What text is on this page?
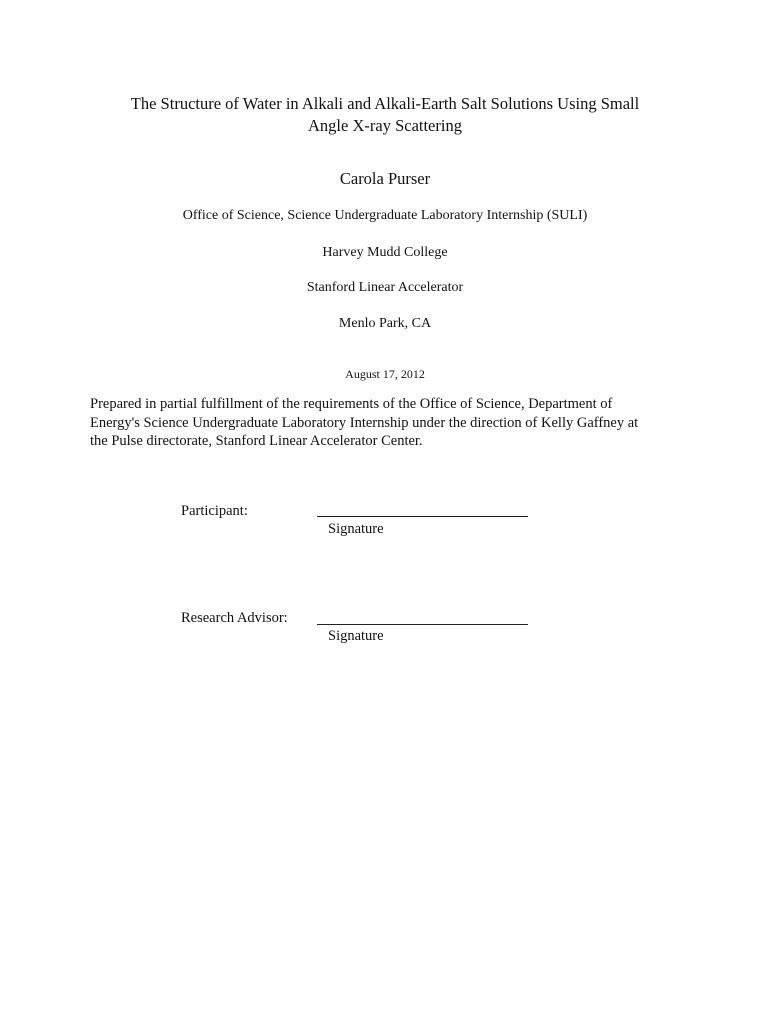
The Structure of Water in Alkali and Alkali-Earth Salt Solutions Using Small
Angle X-ray Scattering
Carola Purser
Office of Science, Science Undergraduate Laboratory Internship (SULI)
Harvey Mudd College
Stanford Linear Accelerator
Menlo Park, CA
August 17, 2012

Prepared in partial fulfillment of the requirements of the Office of Science, Department of
Energy's Science Undergraduate Laboratory Internship under the direction of Kelly Gaffney at
the Pulse directorate, Stanford Linear Accelerator Center.

Participant:
Signature
Research Advisor:
Signature
